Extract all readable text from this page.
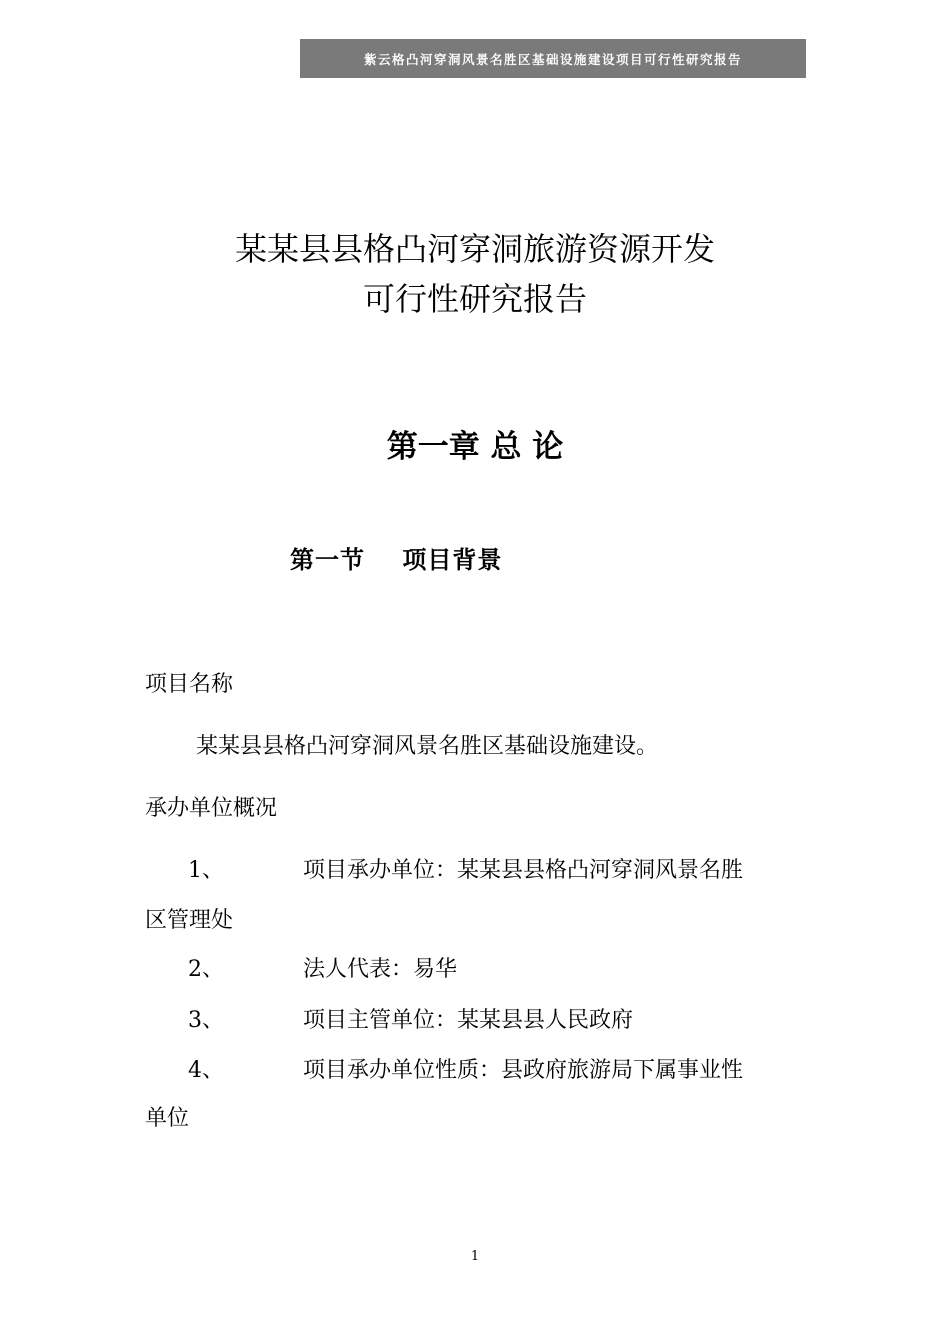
紫云格凸河穿洞风景名胜区基础设施建设项目可行性研究报告
某某县县格凸河穿洞旅游资源开发
可行性研究报告
第一章 总 论
第一节    项目背景
项目名称
某某县县格凸河穿洞风景名胜区基础设施建设。
承办单位概况
1、	项目承办单位：某某县县格凸河穿洞风景名胜
区管理处
2、	法人代表：易华
3、	项目主管单位：某某县县人民政府
4、	项目承办单位性质：县政府旅游局下属事业性
单位
1
